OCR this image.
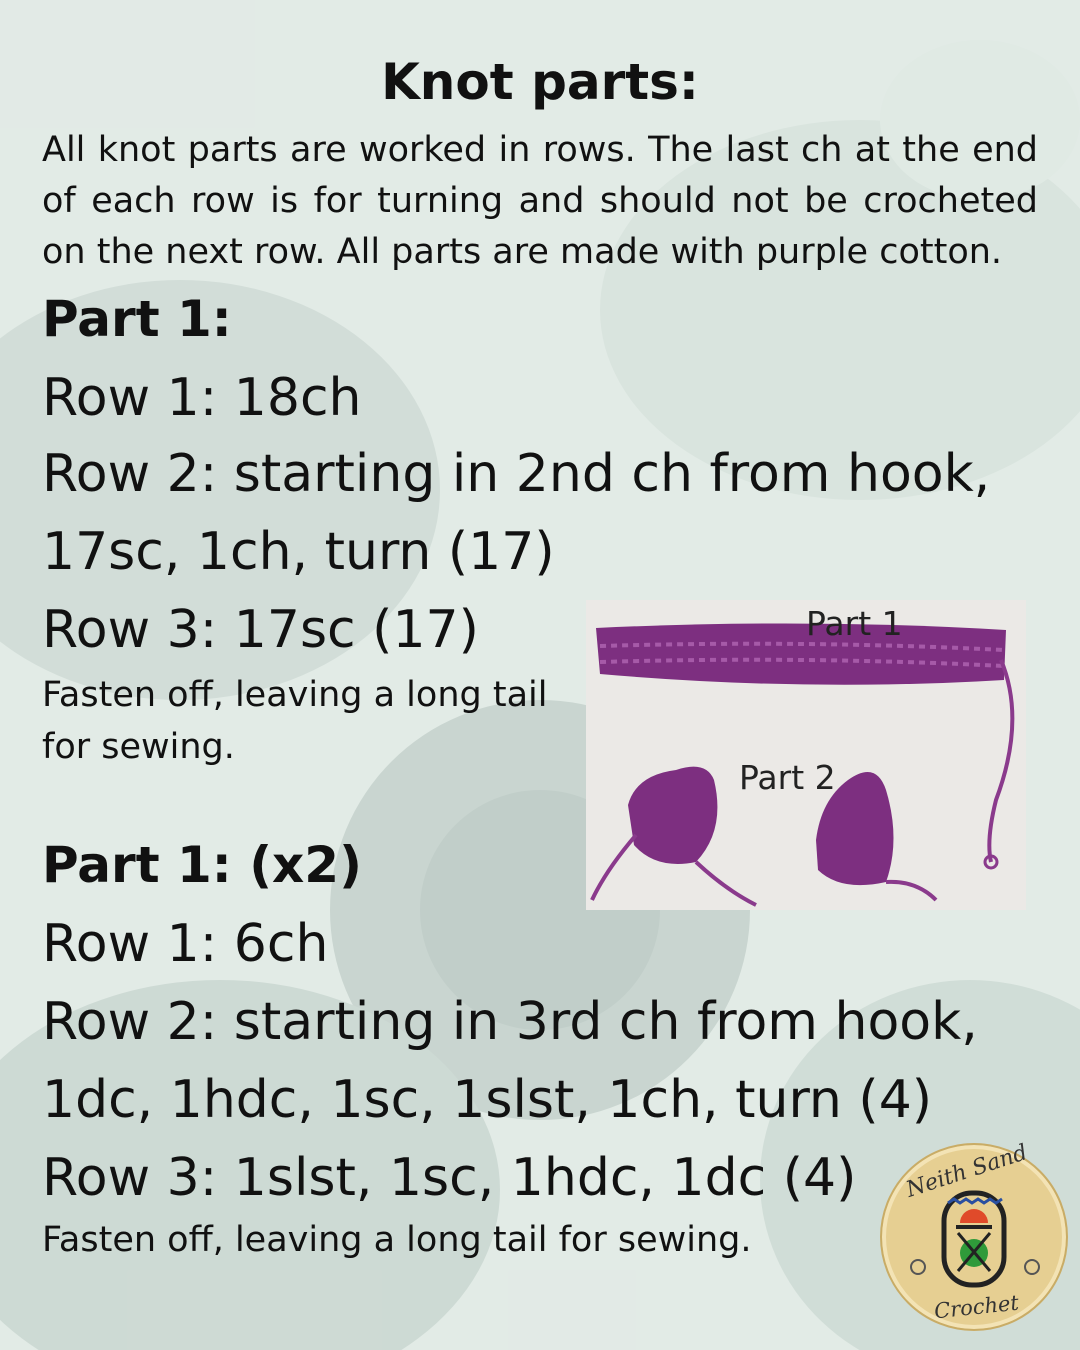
Knot parts:
All knot parts are worked in rows. The last ch at the end of each row is for turning and should not be crocheted on the next row. All parts are made with purple cotton.
Part 1:
Row 1: 18ch
Row 2: starting in 2nd ch from hook,
17sc, 1ch, turn (17)
Row 3: 17sc (17)
Fasten off, leaving a long tail
for sewing.
Part 1
Part 2
Part 1: (x2)
Row 1: 6ch
Row 2: starting in 3rd ch from hook,
1dc, 1hdc, 1sc, 1slst, 1ch, turn (4)
Row 3: 1slst, 1sc, 1hdc, 1dc (4)
Fasten off, leaving a long tail for sewing.
Neith Sand
Crochet
